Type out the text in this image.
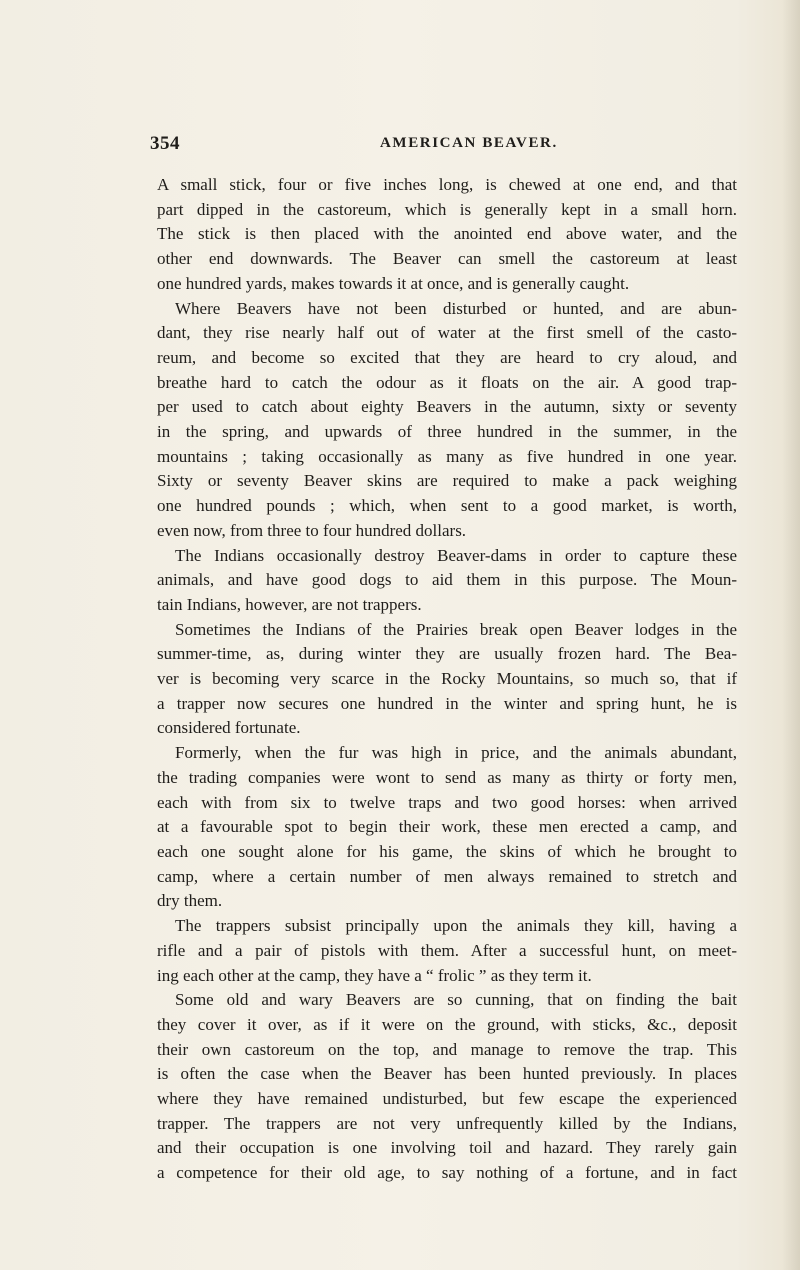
354	AMERICAN BEAVER.

A small stick, four or five inches long, is chewed at one end, and that
part dipped in the castoreum, which is generally kept in a small horn.
The stick is then placed with the anointed end above water, and the
other end downwards. The Beaver can smell the castoreum at least
one hundred yards, makes towards it at once, and is generally caught.

Where Beavers have not been disturbed or hunted, and are abun-
dant, they rise nearly half out of water at the first smell of the casto-
reum, and become so excited that they are heard to cry aloud, and
breathe hard to catch the odour as it floats on the air. A good trap-
per used to catch about eighty Beavers in the autumn, sixty or seventy
in the spring, and upwards of three hundred in the summer, in the
mountains ; taking occasionally as many as five hundred in one year.
Sixty or seventy Beaver skins are required to make a pack weighing
one hundred pounds ; which, when sent to a good market, is worth,
even now, from three to four hundred dollars.

The Indians occasionally destroy Beaver-dams in order to capture these
animals, and have good dogs to aid them in this purpose. The Moun-
tain Indians, however, are not trappers.

Sometimes the Indians of the Prairies break open Beaver lodges in the
summer-time, as, during winter they are usually frozen hard. The Bea-
ver is becoming very scarce in the Rocky Mountains, so much so, that if
a trapper now secures one hundred in the winter and spring hunt, he is
considered fortunate.

Formerly, when the fur was high in price, and the animals abundant,
the trading companies were wont to send as many as thirty or forty men,
each with from six to twelve traps and two good horses: when arrived
at a favourable spot to begin their work, these men erected a camp, and
each one sought alone for his game, the skins of which he brought to
camp, where a certain number of men always remained to stretch and
dry them.

The trappers subsist principally upon the animals they kill, having a
rifle and a pair of pistols with them. After a successful hunt, on meet-
ing each other at the camp, they have a “ frolic ” as they term it.

Some old and wary Beavers are so cunning, that on finding the bait
they cover it over, as if it were on the ground, with sticks, &c., deposit
their own castoreum on the top, and manage to remove the trap. This
is often the case when the Beaver has been hunted previously. In places
where they have remained undisturbed, but few escape the experienced
trapper. The trappers are not very unfrequently killed by the Indians,
and their occupation is one involving toil and hazard. They rarely gain
a competence for their old age, to say nothing of a fortune, and in fact
